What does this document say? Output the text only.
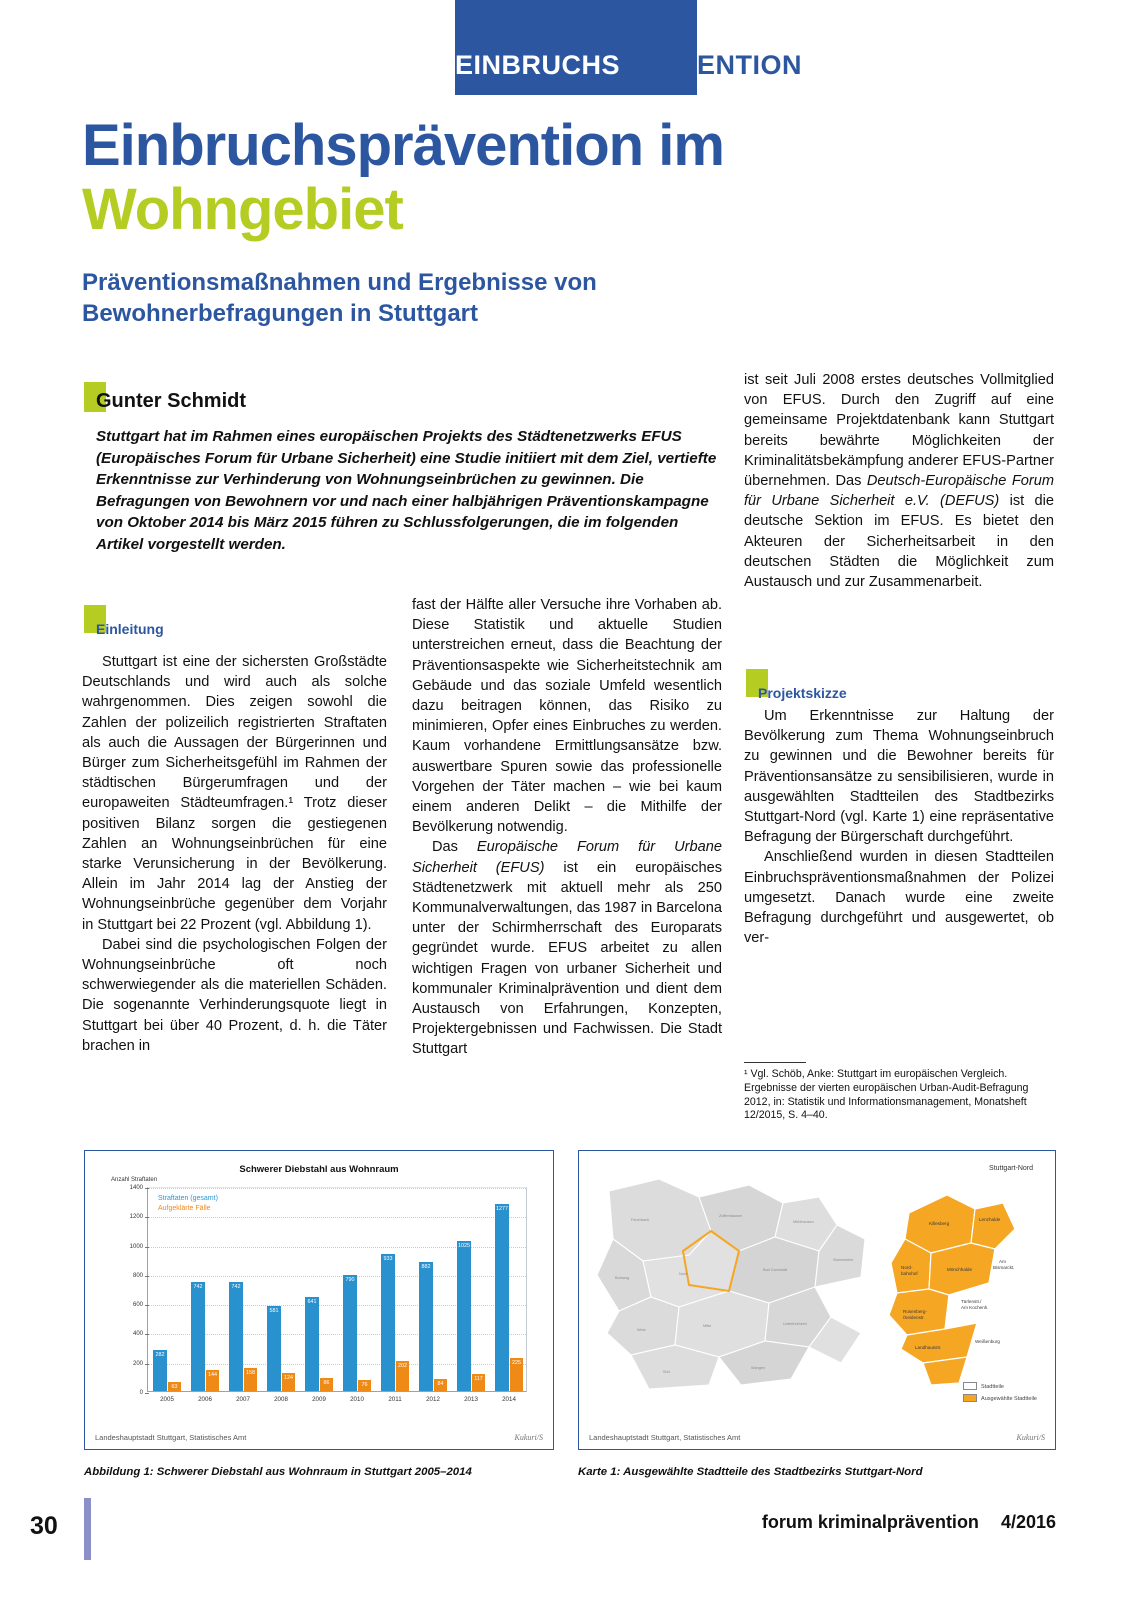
EINBRUCHSPRÄVENTION
Einbruchsprävention im
Wohngebiet
Präventionsmaßnahmen und Ergebnisse von Bewohnerbefragungen in Stuttgart
Gunter Schmidt
Stuttgart hat im Rahmen eines europäischen Projekts des Städtenetzwerks EFUS (Europäisches Forum für Urbane Sicherheit) eine Studie initiiert mit dem Ziel, vertiefte Erkenntnisse zur Verhinderung von Wohnungseinbrüchen zu gewinnen. Die Befragungen von Bewohnern vor und nach einer halbjährigen Präventionskampagne von Oktober 2014 bis März 2015 führen zu Schlussfolgerungen, die im folgenden Artikel vorgestellt werden.
Einleitung
Projektskizze

Stuttgart ist eine der sichersten Großstädte Deutschlands und wird auch als solche wahrgenommen. Dies zeigen sowohl die Zahlen der polizeilich registrierten Straftaten als auch die Aussagen der Bürgerinnen und Bürger zum Sicherheitsgefühl im Rahmen der städtischen Bürgerumfragen und der europaweiten Städteumfragen.¹ Trotz dieser positiven Bilanz sorgen die gestiegenen Zahlen an Wohnungseinbrüchen für eine starke Verunsicherung in der Bevölkerung. Allein im Jahr 2014 lag der Anstieg der Wohnungseinbrüche gegenüber dem Vorjahr in Stuttgart bei 22 Prozent (vgl. Abbildung 1).

Dabei sind die psychologischen Folgen der Wohnungseinbrüche oft noch schwerwiegender als die materiellen Schäden. Die sogenannte Verhinderungsquote liegt in Stuttgart bei über 40 Prozent, d. h. die Täter brachen in

fast der Hälfte aller Versuche ihre Vorhaben ab. Diese Statistik und aktuelle Studien unterstreichen erneut, dass die Beachtung der Präventionsaspekte wie Sicherheitstechnik am Gebäude und das soziale Umfeld wesentlich dazu beitragen können, das Risiko zu minimieren, Opfer eines Einbruches zu werden. Kaum vorhandene Ermittlungsansätze bzw. auswertbare Spuren sowie das professionelle Vorgehen der Täter machen – wie bei kaum einem anderen Delikt – die Mithilfe der Bevölkerung notwendig.

Das Europäische Forum für Urbane Sicherheit (EFUS) ist ein europäisches Städtenetzwerk mit aktuell mehr als 250 Kommunalverwaltungen, das 1987 in Barcelona unter der Schirmherrschaft des Europarats gegründet wurde. EFUS arbeitet zu allen wichtigen Fragen von urbaner Sicherheit und kommunaler Kriminalprävention und dient dem Austausch von Erfahrungen, Konzepten, Projektergebnissen und Fachwissen. Die Stadt Stuttgart

ist seit Juli 2008 erstes deutsches Vollmitglied von EFUS. Durch den Zugriff auf eine gemeinsame Projektdatenbank kann Stuttgart bereits bewährte Möglichkeiten der Kriminalitätsbekämpfung anderer EFUS-Partner übernehmen. Das Deutsch-Europäische Forum für Urbane Sicherheit e.V. (DEFUS) ist die deutsche Sektion im EFUS. Es bietet den Akteuren der Sicherheitsarbeit in den deutschen Städten die Möglichkeit zum Austausch und zur Zusammenarbeit.

Um Erkenntnisse zur Haltung der Bevölkerung zum Thema Wohnungseinbruch zu gewinnen und die Bewohner bereits für Präventionsansätze zu sensibilisieren, wurde in ausgewählten Stadtteilen des Stadtbezirks Stuttgart-Nord (vgl. Karte 1) eine repräsentative Befragung der Bürgerschaft durchgeführt.

Anschließend wurden in diesen Stadtteilen Einbruchspräventionsmaßnahmen der Polizei umgesetzt. Danach wurde eine zweite Befragung durchgeführt und ausgewertet, ob ver-

¹ Vgl. Schöb, Anke: Stuttgart im europäischen Vergleich. Ergebnisse der vierten europäischen Urban-Audit-Befragung 2012, in: Statistik und Informationsmanagement, Monatsheft 12/2015, S. 4–40.
Schwerer Diebstahl aus Wohnraum
Anzahl Straftaten
Straftaten (gesamt)
Aufgeklärte Fälle
0
200
400
600
800
1000
1200
1400
282
63
2005
742
144
2006
742
158
2007
581
124
2008
641
86
2009
790
76
2010
933
202
2011
882
84
2012
1025
117
2013
1277
225
2014
Landeshauptstadt Stuttgart, Statistisches Amt	Kukuri/S
Abbildung 1: Schwerer Diebstahl aus Wohnraum in Stuttgart 2005–2014
Killesberg
Lenzhalde
Nord-
bahnhof
Mönchhalde
Am
Bismarckt.
Rosenberg-
/Seidenstr.
Türlenstr./
Am Kochenh.
Landhausstr.
Weißenburg
Feuerbach
Zuffenhausen
Mühlhausen
Botnang
Nord
Bad Cannstatt
West
Mitte	Untertürkheim
Süd
Wangen
Stammheim
Stuttgart-Nord
Stadtteile
Ausgewählte Stadtteile
Landeshauptstadt Stuttgart, Statistisches Amt	Kukuri/S
Karte 1: Ausgewählte Stadtteile des Stadtbezirks Stuttgart-Nord
30	forum kriminalprävention 4/2016
